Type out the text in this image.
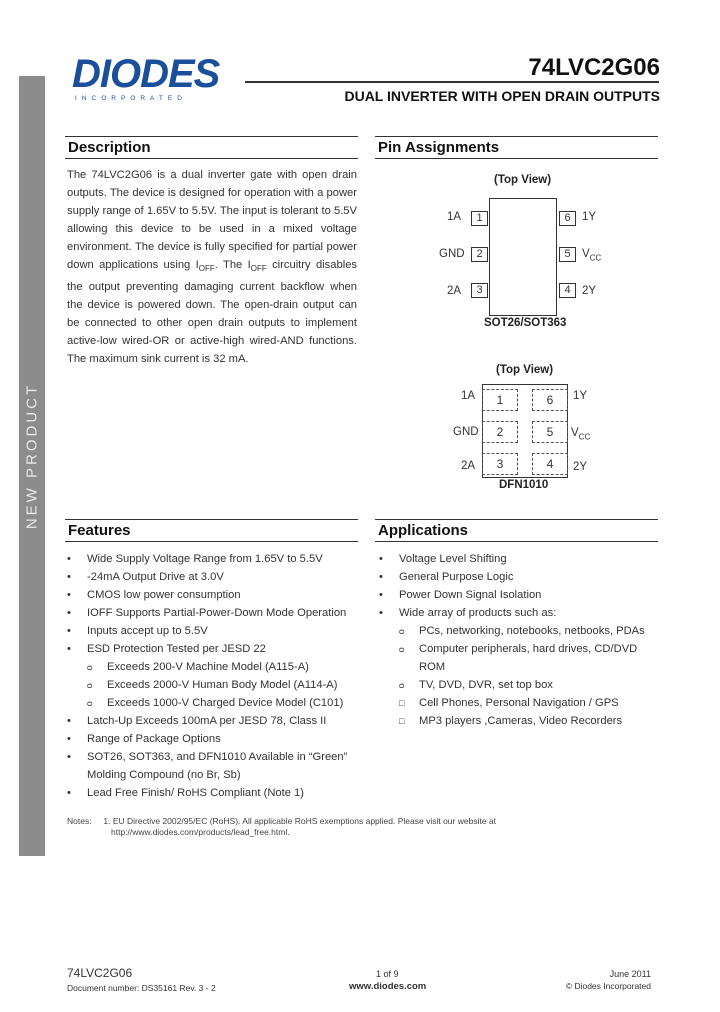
NEW PRODUCT
DIODES
INCORPORATED
74LVC2G06
DUAL INVERTER WITH OPEN DRAIN OUTPUTS
Description
The 74LVC2G06 is a dual inverter gate with open drain outputs. The device is designed for operation with a power supply range of 1.65V to 5.5V. The input is tolerant to 5.5V allowing this device to be used in a mixed voltage environment. The device is fully specified for partial power down applications using $I_{OFF}$. The $I_{OFF}$ circuitry disables the output preventing damaging current backflow when the device is powered down. The open-drain output can be connected to other open drain outputs to implement active-low wired-OR or active-high wired-AND functions. The maximum sink current is 32 mA.
Pin Assignments
(Top View)
1A	1
GND	2
2A	3
6 1Y
5 $V_{CC}$
4 2Y
SOT26/SOT363
(Top View)
1A	1
GND	2
2A	3
6	1Y
5	$V_{CC}$
4	2Y
DFN1010
Features
• Wide Supply Voltage Range from 1.65V to 5.5V
• -24mA Output Drive at 3.0V
• CMOS low power consumption
• IOFF Supports Partial-Power-Down Mode Operation
• Inputs accept up to 5.5V
• ESD Protection Tested per JESD 22
ᴑ Exceeds 200-V Machine Model (A115-A)
ᴑ Exceeds 2000-V Human Body Model (A114-A)
ᴑ Exceeds 1000-V Charged Device Model (C101)
• Latch-Up Exceeds 100mA per JESD 78, Class II
• Range of Package Options
• SOT26, SOT363, and DFN1010 Available in “Green” Molding Compound (no Br, Sb)
• Lead Free Finish/ RoHS Compliant (Note 1)
Applications
• Voltage Level Shifting
• General Purpose Logic
• Power Down Signal Isolation
• Wide array of products such as:
ᴑ PCs, networking, notebooks, netbooks, PDAs
ᴑ Computer peripherals, hard drives, CD/DVD ROM
ᴑ TV, DVD, DVR, set top box
□ Cell Phones, Personal Navigation / GPS
□ MP3 players ,Cameras, Video Recorders
Notes: 1. EU Directive 2002/95/EC (RoHS). All applicable RoHS exemptions applied. Please visit our website at
http://www.diodes.com/products/lead_free.html.
74LVC2G06
Document number: DS35161 Rev. 3 - 2
1 of 9
www.diodes.com
June 2011
© Diodes Incorporated
